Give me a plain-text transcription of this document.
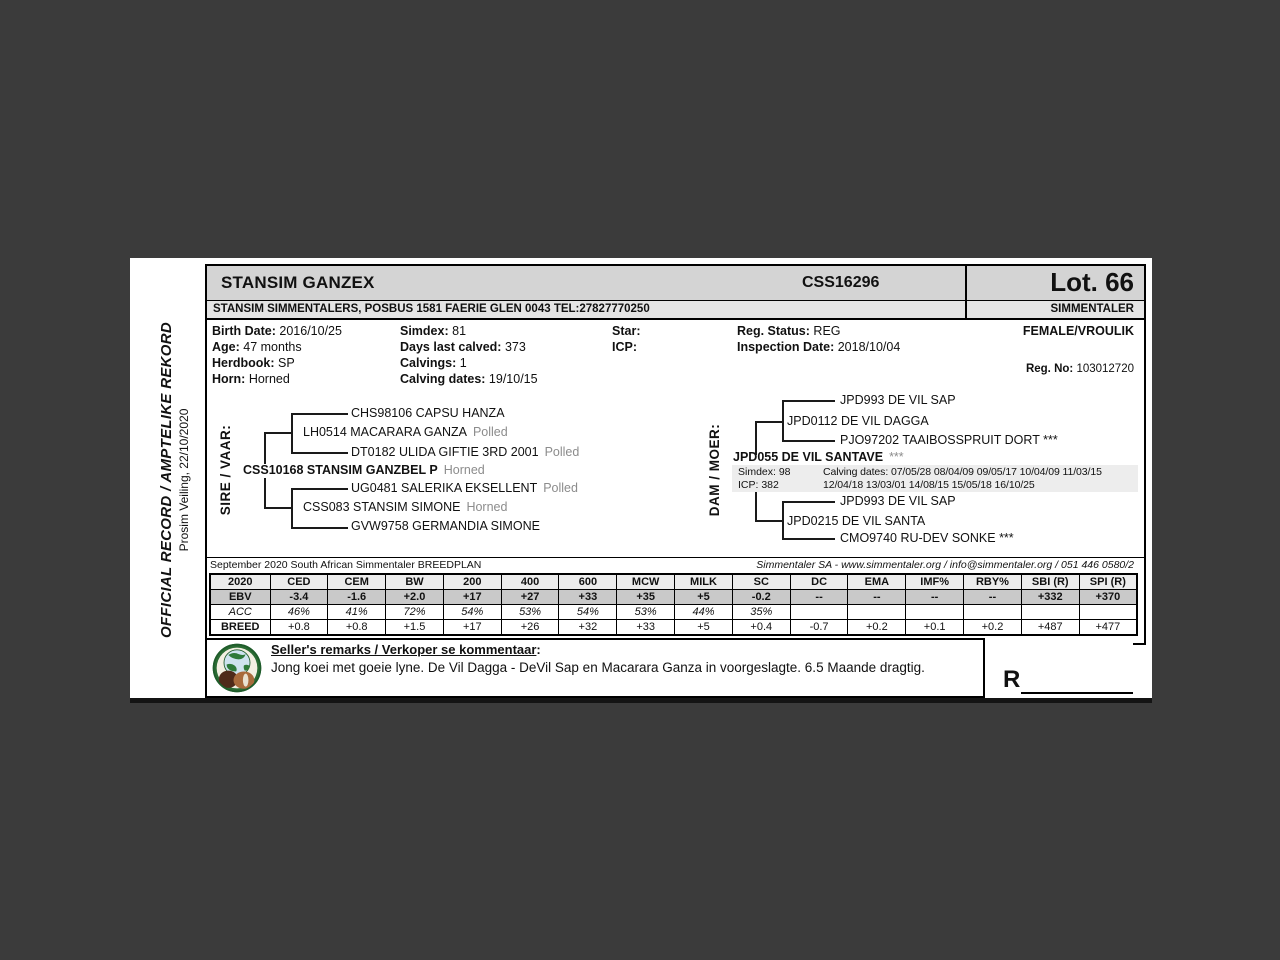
OFFICIAL RECORD / AMPTELIKE REKORD Prosim Veiling, 22/10/2020
STANSIM GANZEX	CSS16296	Lot. 66
STANSIM SIMMENTALERS, POSBUS 1581 FAERIE GLEN 0043 TEL:27827770250	SIMMENTALER
Birth Date: 2016/10/25
Age: 47 months
Herdbook: SP
Horn: Horned
Simdex: 81
Days last calved: 373
Calvings: 1
Calving dates: 19/10/15
Star:
ICP:
Reg. Status: REG
Inspection Date: 2018/10/04
FEMALE/VROULIK
Reg. No: 103012720
SIRE / VAAR:
CHS98106 CAPSU HANZA
LH0514 MACARARA GANZA Polled
DT0182 ULIDA GIFTIE 3RD 2001 Polled
CSS10168 STANSIM GANZBEL P Horned
UG0481 SALERIKA EKSELLENT Polled
CSS083 STANSIM SIMONE Horned
GVW9758 GERMANDIA SIMONE
DAM / MOER:
JPD993 DE VIL SAP
JPD0112 DE VIL DAGGA
PJO97202 TAAIBOSSPRUIT DORT ***
JPD055 DE VIL SANTAVE ***
Simdex: 98
ICP: 382
Calving dates: 07/05/28 08/04/09 09/05/17 10/04/09 11/03/15
12/04/18 13/03/01 14/08/15 15/05/18 16/10/25
JPD993 DE VIL SAP
JPD0215 DE VIL SANTA
CMO9740 RU-DEV SONKE ***
September 2020 South African Simmentaler BREEDPLAN	Simmentaler SA - www.simmentaler.org / info@simmentaler.org / 051 446 0580/2
2020	CED	CEM	BW	200	400	600	MCW	MILK	SC	DC	EMA	IMF%	RBY%	SBI (R)	SPI (R)
EBV	-3.4	-1.6	+2.0	+17	+27	+33	+35	+5	-0.2	--	--	--	--	+332	+370
ACC	46%	41%	72%	54%	53%	54%	53%	44%	35%						
BREED	+0.8	+0.8	+1.5	+17	+26	+32	+33	+5	+0.4	-0.7	+0.2	+0.1	+0.2	+487	+477
Seller's remarks / Verkoper se kommentaar:
Jong koei met goeie lyne. De Vil Dagga - DeVil Sap en Macarara Ganza in voorgeslagte. 6.5 Maande dragtig.	R
